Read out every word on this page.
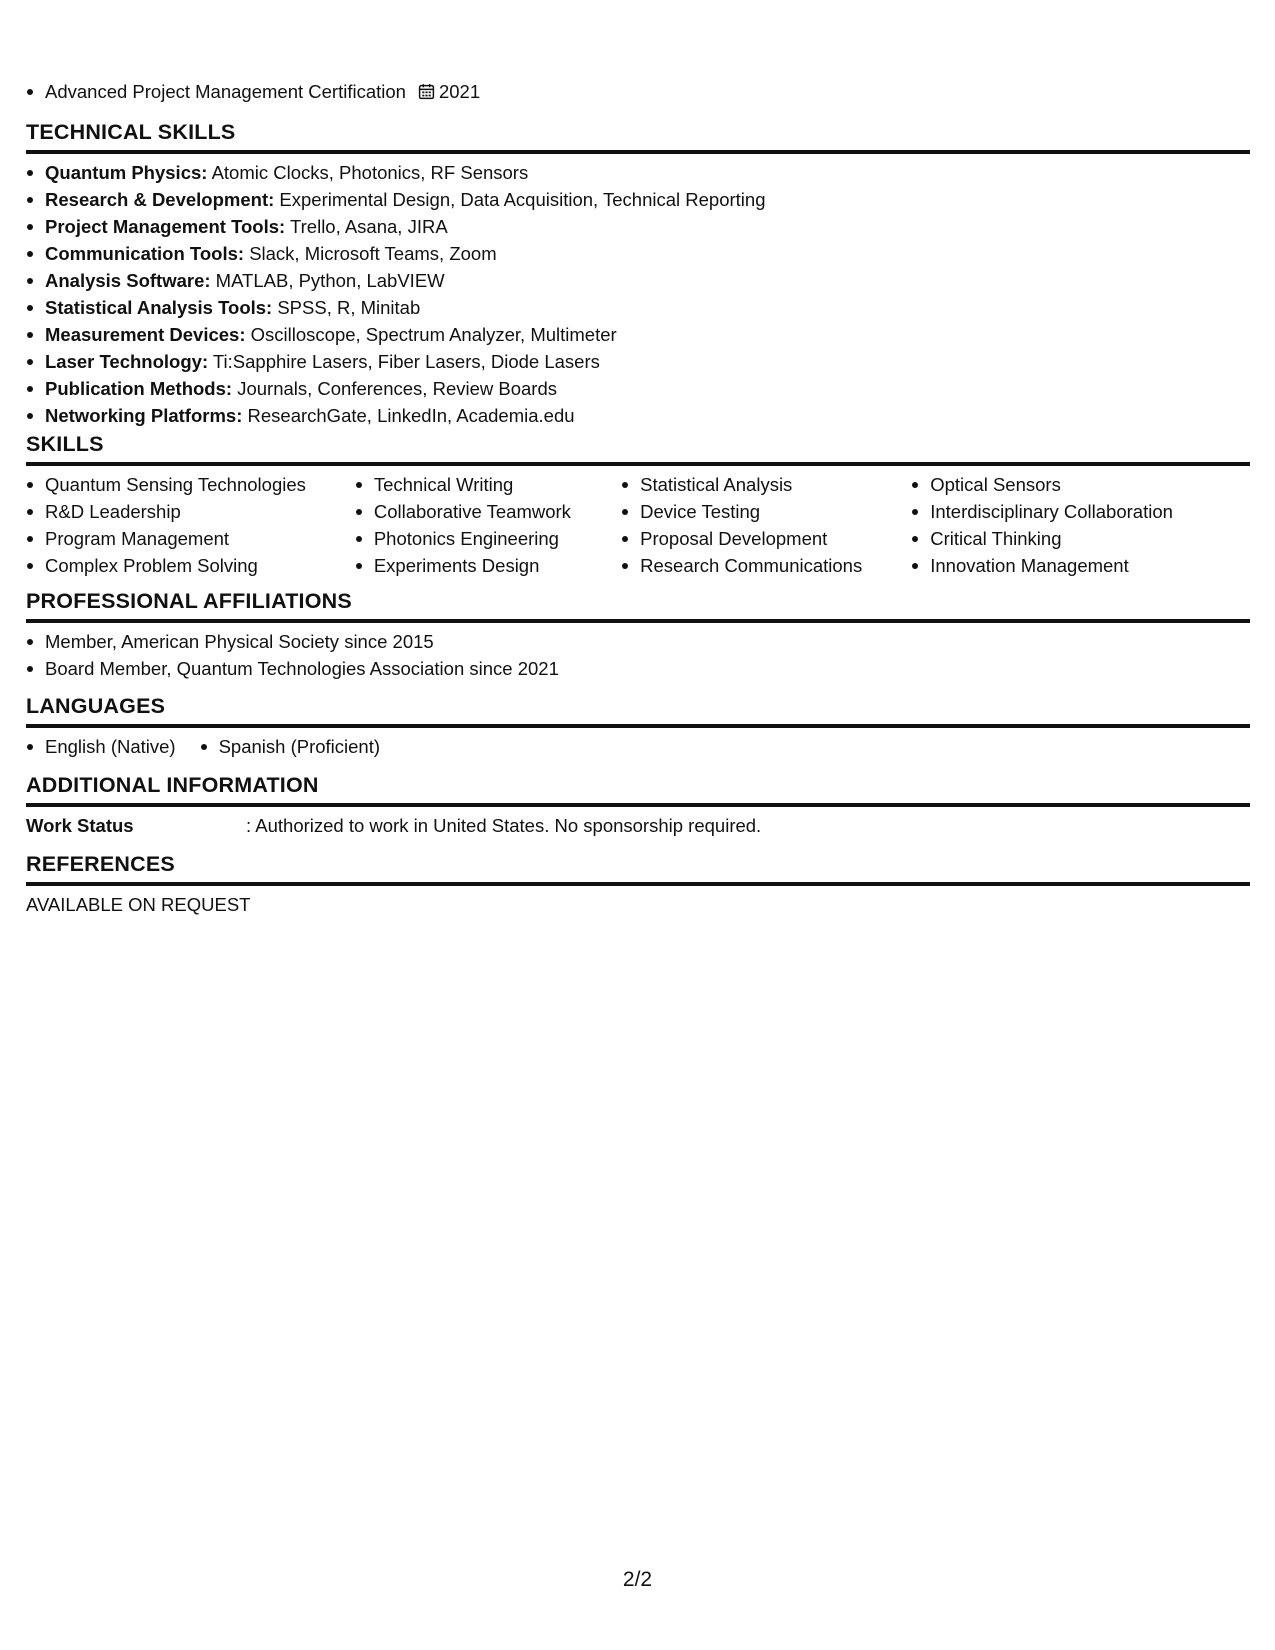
Advanced Project Management Certification 2021
TECHNICAL SKILLS
Quantum Physics: Atomic Clocks, Photonics, RF Sensors
Research & Development: Experimental Design, Data Acquisition, Technical Reporting
Project Management Tools: Trello, Asana, JIRA
Communication Tools: Slack, Microsoft Teams, Zoom
Analysis Software: MATLAB, Python, LabVIEW
Statistical Analysis Tools: SPSS, R, Minitab
Measurement Devices: Oscilloscope, Spectrum Analyzer, Multimeter
Laser Technology: Ti:Sapphire Lasers, Fiber Lasers, Diode Lasers
Publication Methods: Journals, Conferences, Review Boards
Networking Platforms: ResearchGate, LinkedIn, Academia.edu
SKILLS
Quantum Sensing Technologies
R&D Leadership
Program Management
Complex Problem Solving
Technical Writing
Collaborative Teamwork
Photonics Engineering
Experiments Design
Statistical Analysis
Device Testing
Proposal Development
Research Communications
Optical Sensors
Interdisciplinary Collaboration
Critical Thinking
Innovation Management
PROFESSIONAL AFFILIATIONS
Member, American Physical Society since 2015
Board Member, Quantum Technologies Association since 2021
LANGUAGES
English (Native)	Spanish (Proficient)
ADDITIONAL INFORMATION
Work Status	: Authorized to work in United States. No sponsorship required.
REFERENCES
AVAILABLE ON REQUEST
2/2
